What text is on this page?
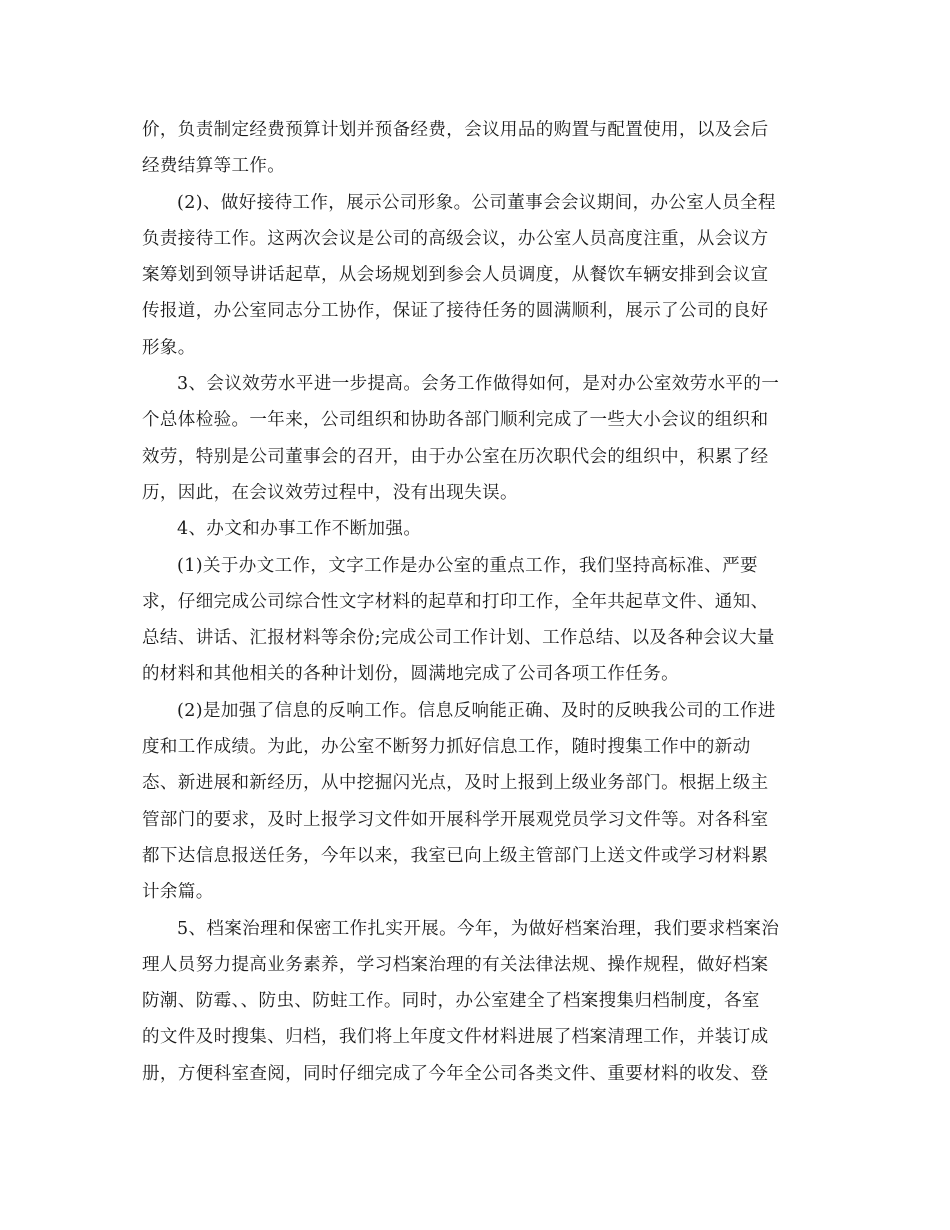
价，负责制定经费预算计划并预备经费，会议用品的购置与配置使用，以及会后
经费结算等工作。
(2)、做好接待工作，展示公司形象。公司董事会会议期间，办公室人员全程
负责接待工作。这两次会议是公司的高级会议，办公室人员高度注重，从会议方
案筹划到领导讲话起草，从会场规划到参会人员调度，从餐饮车辆安排到会议宣
传报道，办公室同志分工协作，保证了接待任务的圆满顺利，展示了公司的良好
形象。
3、会议效劳水平进一步提高。会务工作做得如何，是对办公室效劳水平的一
个总体检验。一年来，公司组织和协助各部门顺利完成了一些大小会议的组织和
效劳，特别是公司董事会的召开，由于办公室在历次职代会的组织中，积累了经
历，因此，在会议效劳过程中，没有出现失误。
4、办文和办事工作不断加强。
(1)关于办文工作，文字工作是办公室的重点工作，我们坚持高标准、严要
求，仔细完成公司综合性文字材料的起草和打印工作，全年共起草文件、通知、
总结、讲话、汇报材料等余份;完成公司工作计划、工作总结、以及各种会议大量
的材料和其他相关的各种计划份，圆满地完成了公司各项工作任务。
(2)是加强了信息的反响工作。信息反响能正确、及时的反映我公司的工作进
度和工作成绩。为此，办公室不断努力抓好信息工作，随时搜集工作中的新动
态、新进展和新经历，从中挖掘闪光点，及时上报到上级业务部门。根据上级主
管部门的要求，及时上报学习文件如开展科学开展观党员学习文件等。对各科室
都下达信息报送任务，今年以来，我室已向上级主管部门上送文件或学习材料累
计余篇。
5、档案治理和保密工作扎实开展。今年，为做好档案治理，我们要求档案治
理人员努力提高业务素养，学习档案治理的有关法律法规、操作规程，做好档案
防潮、防霉、、防虫、防蛀工作。同时，办公室建全了档案搜集归档制度，各室
的文件及时搜集、归档，我们将上年度文件材料进展了档案清理工作，并装订成
册，方便科室查阅，同时仔细完成了今年全公司各类文件、重要材料的收发、登
